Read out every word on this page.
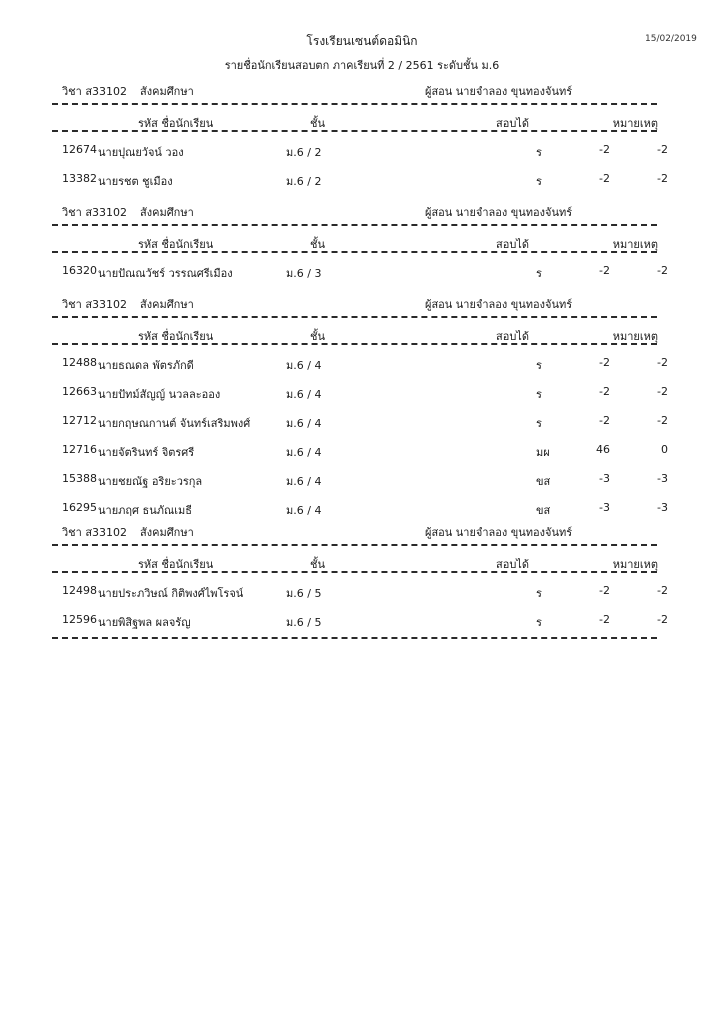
15/02/2019
โรงเรียนเซนต์ดอมินิก
รายชื่อนักเรียนสอบตก ภาคเรียนที่ 2 / 2561 ระดับชั้น ม.6
วิชา ส33102 สังคมศึกษา	ผู้สอน นายจำลอง ขุนทองจันทร์
รหัส ชื่อนักเรียน	ชั้น	สอบได้	หมายเหตุ
12674 นายปุณยวัจน์ วอง	ม.6 / 2	ร	-2	-2
13382 นายรชต ชูเมือง	ม.6 / 2	ร	-2	-2
วิชา ส33102 สังคมศึกษา	ผู้สอน นายจำลอง ขุนทองจันทร์
รหัส ชื่อนักเรียน	ชั้น	สอบได้	หมายเหตุ
16320 นายปัณณวัชร์ วรรณศรีเมือง	ม.6 / 3	ร	-2	-2
วิชา ส33102 สังคมศึกษา	ผู้สอน นายจำลอง ขุนทองจันทร์
รหัส ชื่อนักเรียน	ชั้น	สอบได้	หมายเหตุ
12488 นายธณดล พัตรภักดี	ม.6 / 4	ร	-2	-2
12663 นายปัทม์สัญญ์ นวลละออง	ม.6 / 4	ร	-2	-2
12712 นายกฤษณกานต์ จันทร์เสริมพงศ์	ม.6 / 4	ร	-2	-2
12716 นายจัตรินทร์ จิตรศรี	ม.6 / 4	มผ	46	0
15388 นายชยณัฐ อริยะวรกุล	ม.6 / 4	ขส	-3	-3
16295 นายภฤศ ธนภัณเมธี	ม.6 / 4	ขส	-3	-3
วิชา ส33102 สังคมศึกษา	ผู้สอน นายจำลอง ขุนทองจันทร์
รหัส ชื่อนักเรียน	ชั้น	สอบได้	หมายเหตุ
12498 นายประภวิษณ์ กิติพงศ์ไพโรจน์	ม.6 / 5	ร	-2	-2
12596 นายพิสิฐพล ผลจรัญ	ม.6 / 5	ร	-2	-2
